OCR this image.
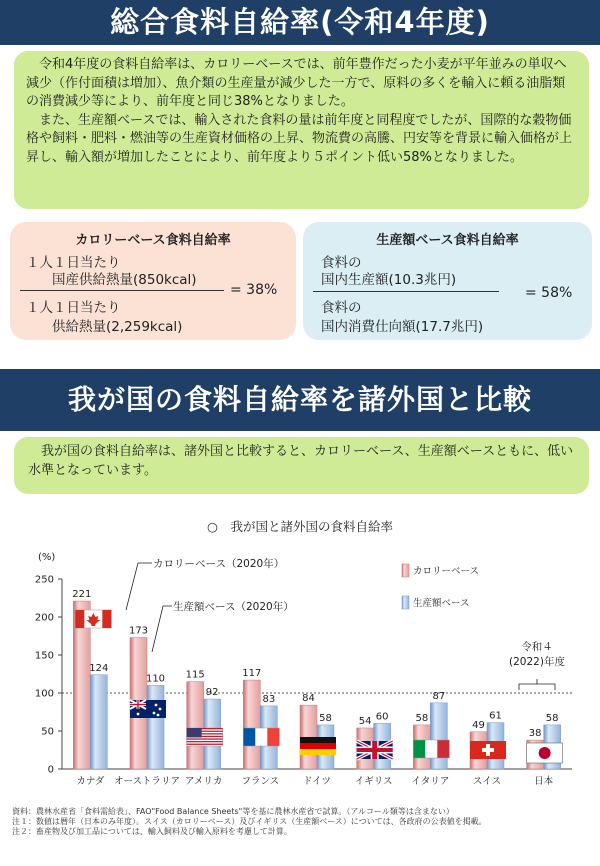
総合食料自給率(令和4年度)

令和4年度の食料自給率は、カロリーベースでは、前年豊作だった小麦が平年並みの単収へ減少（作付面積は増加）、魚介類の生産量が減少した一方で、原料の多くを輸入に頼る油脂類の消費減少等により、前年度と同じ38%となりました。

また、生産額ベースでは、輸入された食料の量は前年度と同程度でしたが、国際的な穀物価格や飼料・肥料・燃油等の生産資材価格の上昇、物流費の高騰、円安等を背景に輸入価格が上昇し、輸入額が増加したことにより、前年度より５ポイント低い58%となりました。

カロリーベース食料自給率
１人１日当たり
国産供給熱量(850kcal)
１人１日当たり
供給熱量(2,259kcal)
= 38%
生産額ベース食料自給率
食料の
国内生産額(10.3兆円)
食料の
国内消費仕向額(17.7兆円)
= 58%
我が国の食料自給率を諸外国と比較

我が国の食料自給率は、諸外国と比較すると、カロリーベース、生産額ベースともに、低い水準となっています。

○　我が国と諸外国の食料自給率
(%)
0
50
100
150
200
250
221
124
カナダ
173
110
オーストラリア
115
92
アメリカ
117
83
フランス
84
58
ドイツ
54 60
イギリス
58
87
イタリア
49
61
スイス
38
58
日本
カロリーベース
生産額ベース
カロリーベース（2020年）
生産額ベース（2020年）
令和４
(2022)年度
資料：農林水産省「食料需給表」、FAO"Food Balance Sheets"等を基に農林水産省で試算。（アルコール類等は含まない）
注１：数値は暦年（日本のみ年度）。スイス（カロリーベース）及びイギリス（生産額ベース）については、各政府の公表値を掲載。
注２：畜産物及び加工品については、輸入飼料及び輸入原料を考慮して計算。
